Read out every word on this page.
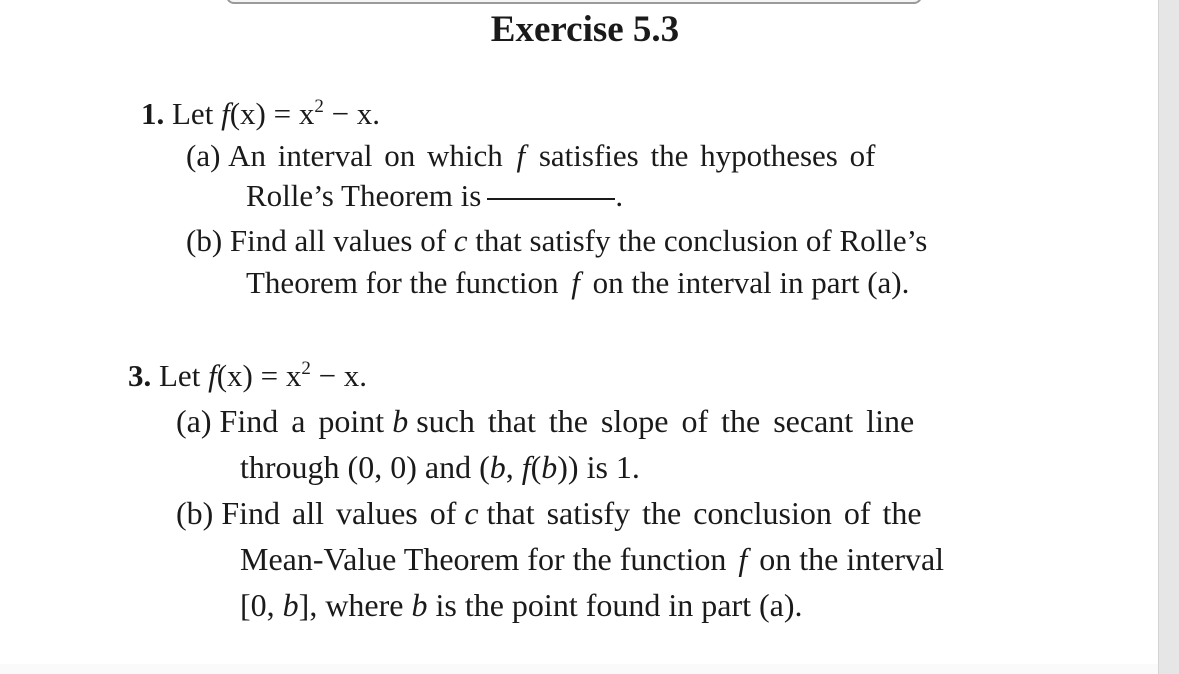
Exercise 5.3
1. Let $f(x) = x^2 - x$.
(a) An interval on which f satisfies the hypotheses of
Rolle’s Theorem is	.
(b) Find all values of c that satisfy the conclusion of Rolle’s
Theorem for the function f on the interval in part (a).
3. Let $f(x) = x^2 - x$.
(a) Find a point b such that the slope of the secant line
through (0, 0) and (b, f(b)) is 1.
(b) Find all values of c that satisfy the conclusion of the
Mean-Value Theorem for the function f on the interval
[0, b], where b is the point found in part (a).
